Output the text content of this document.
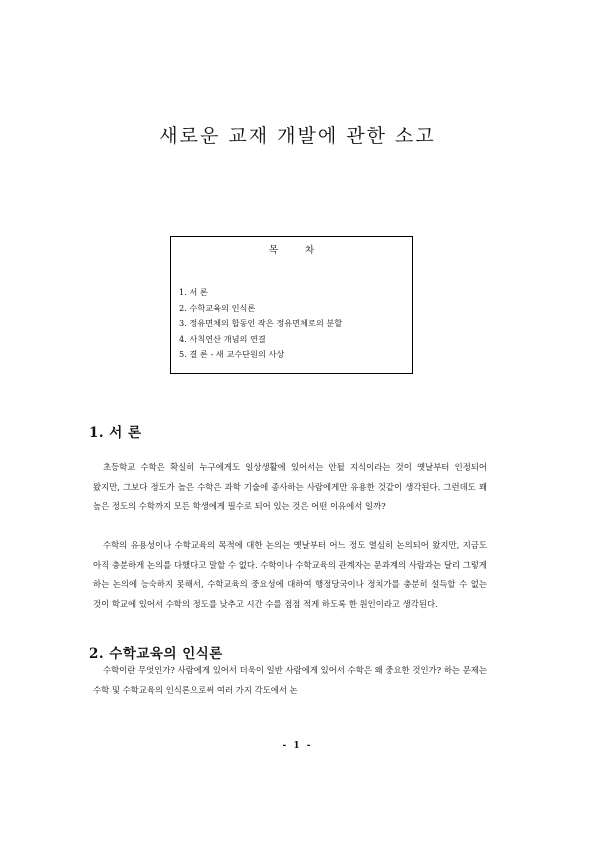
새로운 교재 개발에 관한 소고
목 차
1. 서 론
2. 수학교육의 인식론
3. 정유면체의 합동인 작은 정유면체로의 분할
4. 사칙연산 개념의 연결
5. 결 론 - 새 교수단원의 사상
1. 서 론

초등학교 수학은 확실히 누구에게도 일상생활에 있어서는 안될 지식이라는 것이 옛날부터 인정되어 왔지만, 그보다 정도가 높은 수학은 과학 기술에 종사하는 사람에게만 유용한 것같이 생각된다. 그런데도 꽤 높은 정도의 수학까지 모든 학생에게 필수로 되어 있는 것은 어떤 이유에서 일까?

수학의 유용성이나 수학교육의 목적에 대한 논의는 옛날부터 어느 정도 열심히 논의되어 왔지만, 지금도 아직 충분하게 논의를 다했다고 말할 수 없다. 수학이나 수학교육의 관계자는 문과계의 사람과는 달리 그렇게 하는 논의에 능숙하지 못해서, 수학교육의 중요성에 대하여 행정당국이나 정치가를 충분히 설득할 수 없는 것이 학교에 있어서 수학의 정도를 낮추고 시간 수를 점점 적게 하도록 한 원인이라고 생각된다.

2. 수학교육의 인식론

수학이란 무엇인가? 사람에게 있어서 더욱이 일반 사람에게 있어서 수학은 왜 중요한 것인가? 하는 문제는 수학 및 수학교육의 인식론으로써 여러 가지 각도에서 논

- 1 -
